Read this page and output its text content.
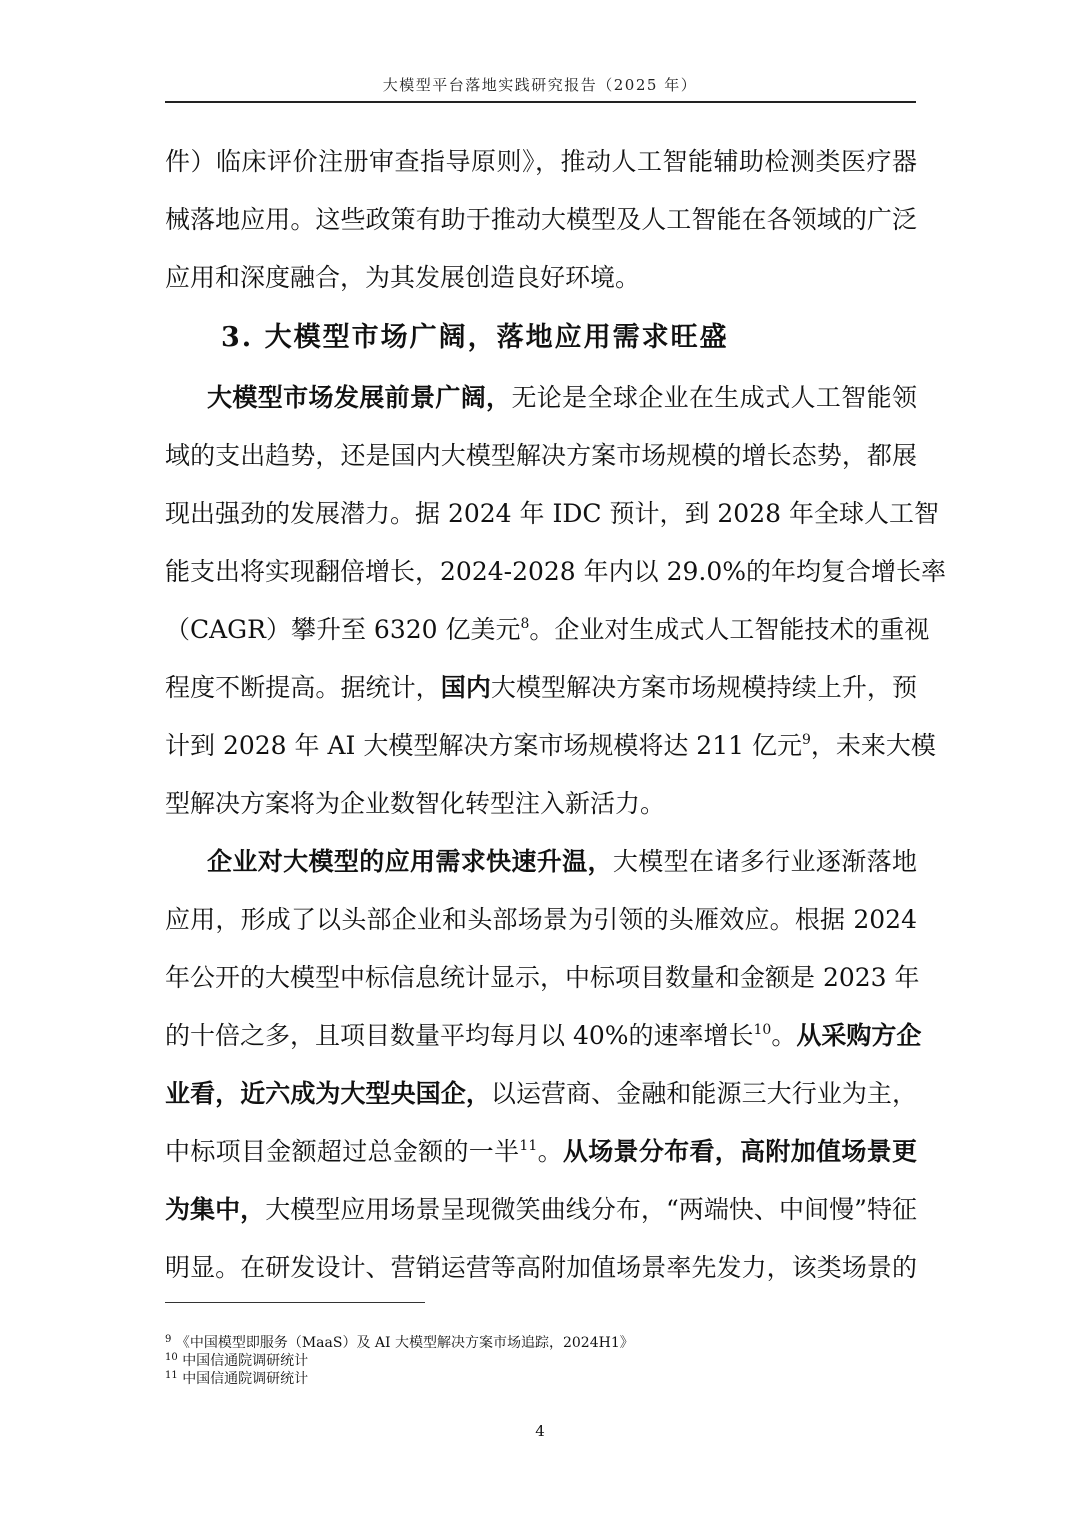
大模型平台落地实践研究报告（2025 年）
件）临床评价注册审查指导原则》，推动人工智能辅助检测类医疗器
械落地应用。这些政策有助于推动大模型及人工智能在各领域的广泛
应用和深度融合，为其发展创造良好环境。
3. 大模型市场广阔，落地应用需求旺盛
大模型市场发展前景广阔，无论是全球企业在生成式人工智能领
域的支出趋势，还是国内大模型解决方案市场规模的增长态势，都展
现出强劲的发展潜力。据 2024 年 IDC 预计，到 2028 年全球人工智
能支出将实现翻倍增长，2024-2028 年内以 29.0%的年均复合增长率
（CAGR）攀升至 6320 亿美元$^8$。企业对生成式人工智能技术的重视
程度不断提高。据统计，国内大模型解决方案市场规模持续上升，预
计到 2028 年 AI 大模型解决方案市场规模将达 211 亿元$^9$，未来大模
型解决方案将为企业数智化转型注入新活力。
企业对大模型的应用需求快速升温，大模型在诸多行业逐渐落地
应用，形成了以头部企业和头部场景为引领的头雁效应。根据 2024
年公开的大模型中标信息统计显示，中标项目数量和金额是 2023 年
的十倍之多，且项目数量平均每月以 40%的速率增长$^{10}$。从采购方企
业看，近六成为大型央国企，以运营商、金融和能源三大行业为主，
中标项目金额超过总金额的一半$^{11}$。从场景分布看，高附加值场景更
为集中，大模型应用场景呈现微笑曲线分布，“两端快、中间慢”特征
明显。在研发设计、营销运营等高附加值场景率先发力，该类场景的
$^9$ 《中国模型即服务（MaaS）及 AI 大模型解决方案市场追踪，2024H1》
$^{10}$ 中国信通院调研统计
$^{11}$ 中国信通院调研统计
4
